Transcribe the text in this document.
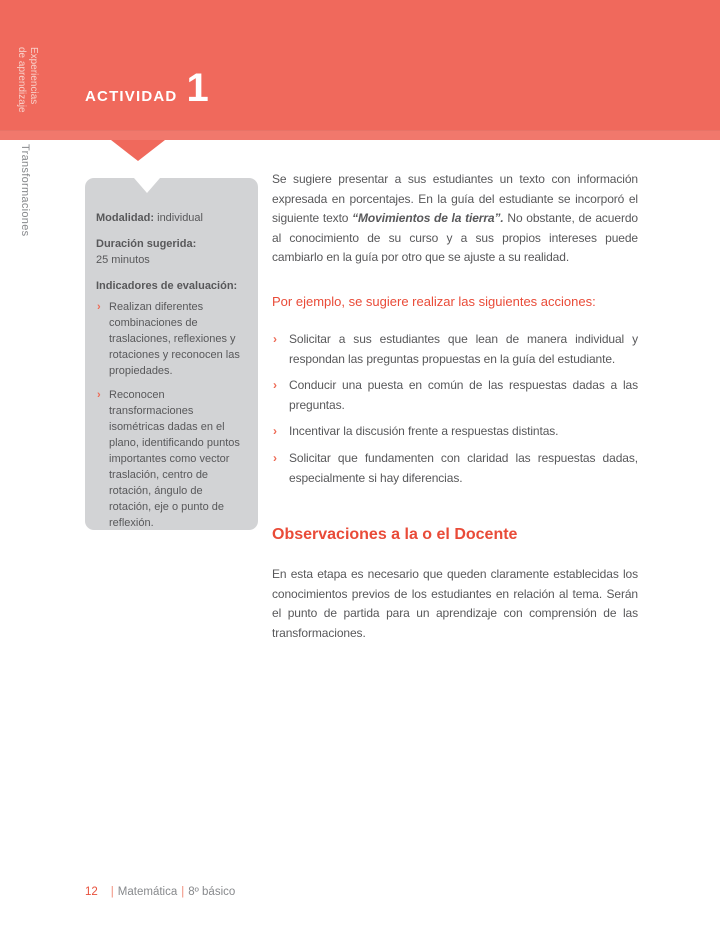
ACTIVIDAD 1
Experiencias
de aprendizaje
Transformaciones	Modalidad: individual

Duración sugerida:
25 minutos

Indicadores de evaluación:

› Realizan diferentes combinaciones de traslaciones, reflexiones y rotaciones y reconocen las propiedades.
› Reconocen transformaciones isométricas dadas en el plano, identificando puntos importantes como vector traslación, centro de rotación, ángulo de rotación, eje o punto de reflexión.

Se sugiere presentar a sus estudiantes un texto con información expresada en porcentajes. En la guía del estudiante se incorporó el siguiente texto “Movimientos de la tierra”. No obstante, de acuerdo al conocimiento de su curso y a sus propios intereses puede cambiarlo en la guía por otro que se ajuste a su realidad.

Por ejemplo, se sugiere realizar las siguientes acciones:

› Solicitar a sus estudiantes que lean de manera individual y respondan las preguntas propuestas en la guía del estudiante.
› Conducir una puesta en común de las respuestas dadas a las preguntas.
› Incentivar la discusión frente a respuestas distintas.
› Solicitar que fundamenten con claridad las respuestas dadas, especialmente si hay diferencias.
Observaciones a la o el Docente

En esta etapa es necesario que queden claramente establecidas los conocimientos previos de los estudiantes en relación al tema. Serán el punto de partida para un aprendizaje con comprensión de las transformaciones.

12 | Matemática | 8º básico
